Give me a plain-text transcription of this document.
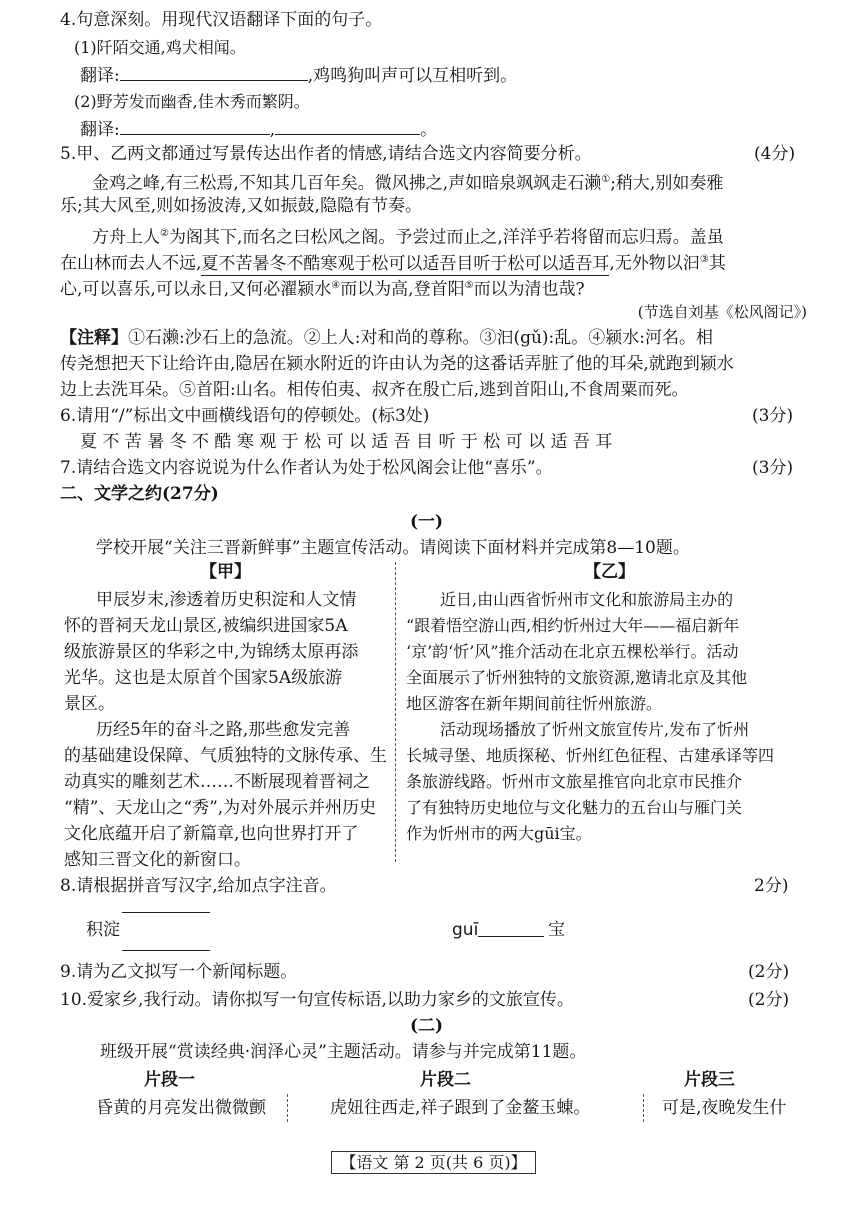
4.句意深刻。用现代汉语翻译下面的句子。
(1)阡陌交通,鸡犬相闻。
翻译:	,鸡鸣狗叫声可以互相听到。
(2)野芳发而幽香,佳木秀而繁阴。
翻译:	,	。
5.甲、乙两文都通过写景传达出作者的情感,请结合选文内容简要分析。	(4分)
金鸡之峰,有三松焉,不知其几百年矣。微风拂之,声如暗泉飒飒走石濑①;稍大,别如奏雅
乐;其大风至,则如扬波涛,又如振鼓,隐隐有节奏。
方舟上人②为阁其下,而名之曰松风之阁。予尝过而止之,洋洋乎若将留而忘归焉。盖虽
在山林而去人不远,夏不苦暑冬不酷寒观于松可以适吾目听于松可以适吾耳,无外物以汩③其
心,可以喜乐,可以永日,又何必濯颍水④而以为高,登首阳⑤而以为清也哉?
(节选自刘基《松风阁记》)
【注释】①石濑:沙石上的急流。②上人:对和尚的尊称。③汩(gǔ):乱。④颍水:河名。相
传尧想把天下让给许由,隐居在颍水附近的许由认为尧的这番话弄脏了他的耳朵,就跑到颍水
边上去洗耳朵。⑤首阳:山名。相传伯夷、叔齐在殷亡后,逃到首阳山,不食周粟而死。
6.请用“/”标出文中画横线语句的停顿处。(标3处)	(3分)
夏 不 苦 暑 冬 不 酷 寒 观 于 松 可 以 适 吾 目 听 于 松 可 以 适 吾 耳
7.请结合选文内容说说为什么作者认为处于松风阁会让他“喜乐”。	(3分)
二、文学之约(27分)
(一)
学校开展“关注三晋新鲜事”主题宣传活动。请阅读下面材料并完成第8—10题。
【甲】	【乙】
甲辰岁末,渗透着历史积淀和人文情
怀的晋祠天龙山景区,被编织进国家5A
级旅游景区的华彩之中,为锦绣太原再添
光华。这也是太原首个国家5A级旅游
景区。
历经5年的奋斗之路,那些愈发完善
的基础建设保障、气质独特的文脉传承、生
动真实的雕刻艺术……不断展现着晋祠之
“精”、天龙山之“秀”,为对外展示并州历史
文化底蕴开启了新篇章,也向世界打开了
感知三晋文化的新窗口。
近日,由山西省忻州市文化和旅游局主办的
“跟着悟空游山西,相约忻州过大年——福启新年
‘京’韵‘忻’风”推介活动在北京五棵松举行。活动
全面展示了忻州独特的文旅资源,邀请北京及其他
地区游客在新年期间前往忻州旅游。
活动现场播放了忻州文旅宣传片,发布了忻州
长城寻堡、地质探秘、忻州红色征程、古建承译等四
条旅游线路。忻州市文旅星推官向北京市民推介
了有独特历史地位与文化魅力的五台山与雁门关
作为忻州市的两大gūi宝。
8.请根据拼音写汉字,给加点字注音。	2分)
积淀	guī	宝
9.请为乙文拟写一个新闻标题。	(2分)
10.爱家乡,我行动。请你拟写一句宣传标语,以助力家乡的文旅宣传。	(2分)
(二)
班级开展“赏读经典·润泽心灵”主题活动。请参与并完成第11题。
片段一	片段二	片段三
昏黄的月亮发出微微颤	虎妞往西走,祥子跟到了金鳌玉蝀。	可是,夜晚发生什
【语文 第 2 页(共 6 页)】
